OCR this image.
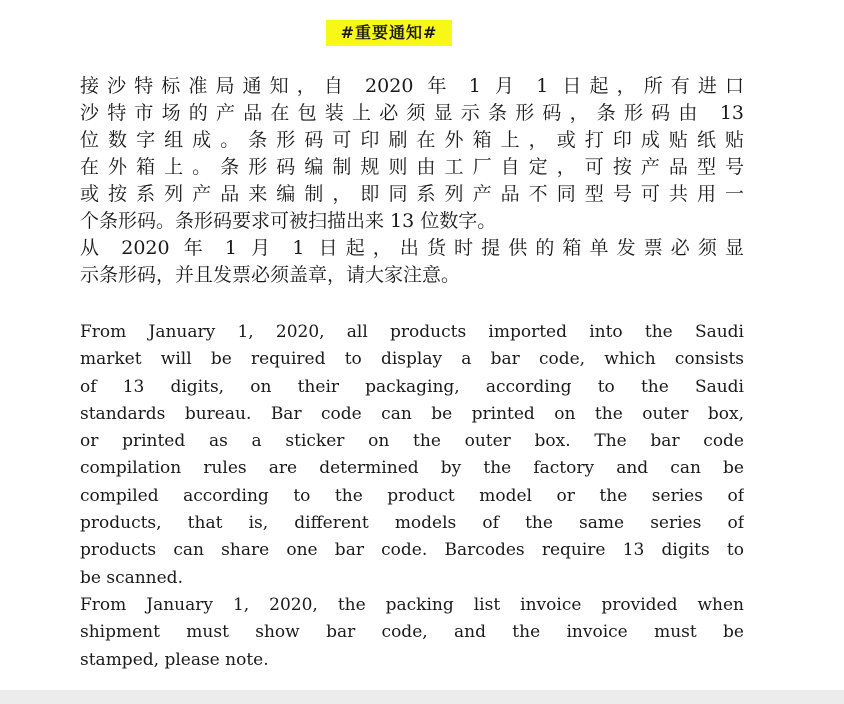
#重要通知#
接沙特标准局通知，自 2020 年 1 月 1 日起，所有进口
沙特市场的产品在包装上必须显示条形码，条形码由 13
位数字组成。条形码可印刷在外箱上，或打印成贴纸贴
在外箱上。条形码编制规则由工厂自定，可按产品型号
或按系列产品来编制，即同系列产品不同型号可共用一
个条形码。条形码要求可被扫描出来 13 位数字。
从 2020 年 1 月 1 日起，出货时提供的箱单发票必须显
示条形码，并且发票必须盖章，请大家注意。
From January 1, 2020, all products imported into the Saudi
market will be required to display a bar code, which consists
of 13 digits, on their packaging, according to the Saudi
standards bureau. Bar code can be printed on the outer box,
or printed as a sticker on the outer box. The bar code
compilation rules are determined by the factory and can be
compiled according to the product model or the series of
products, that is, different models of the same series of
products can share one bar code. Barcodes require 13 digits to
be scanned.
From January 1, 2020, the packing list invoice provided when
shipment must show bar code, and the invoice must be
stamped, please note.
